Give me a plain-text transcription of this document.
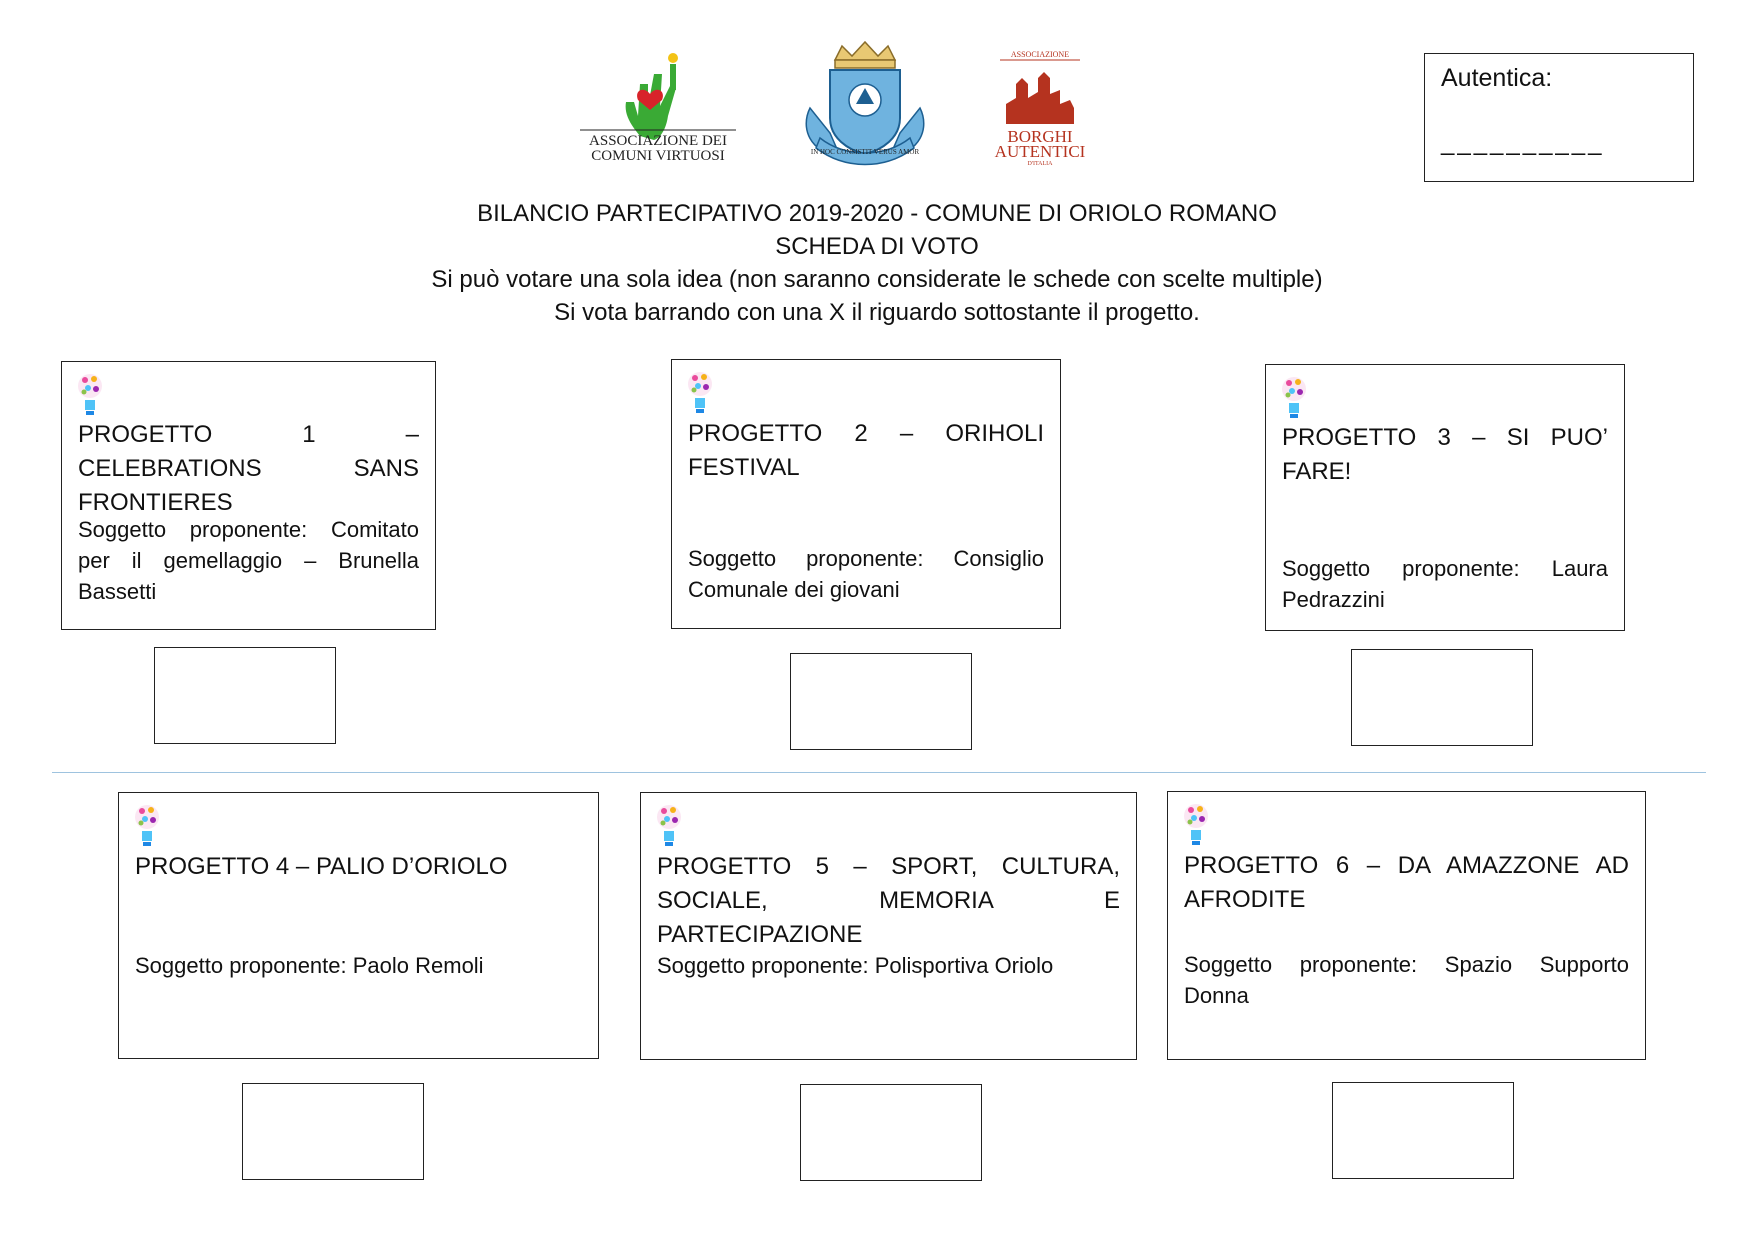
ASSOCIAZIONE DEI
COMUNI VIRTUOSI	IN HOC CONSISTIT VERUS AMOR
ASSOCIAZIONE
BORGHI
AUTENTICI
D'ITALIA
Autentica:
__________
BILANCIO PARTECIPATIVO 2019-2020 - COMUNE DI ORIOLO ROMANO
SCHEDA DI VOTO
Si può votare una sola idea (non saranno considerate le schede con scelte multiple)
Si vota barrando con una X il riguardo sottostante il progetto.
PROGETTO 1 – CELEBRATIONS SANS FRONTIERES
Soggetto proponente: Comitato per il gemellaggio – Brunella Bassetti
PROGETTO 2 – ORIHOLI FESTIVAL
Soggetto proponente: Consiglio Comunale dei giovani
PROGETTO 3 – SI PUO’ FARE!
Soggetto proponente: Laura Pedrazzini
PROGETTO 4 – PALIO D’ORIOLO
Soggetto proponente: Paolo Remoli
PROGETTO 5 – SPORT, CULTURA, SOCIALE, MEMORIA E PARTECIPAZIONE
Soggetto proponente: Polisportiva Oriolo
PROGETTO 6 – DA AMAZZONE AD AFRODITE
Soggetto proponente: Spazio Supporto Donna
